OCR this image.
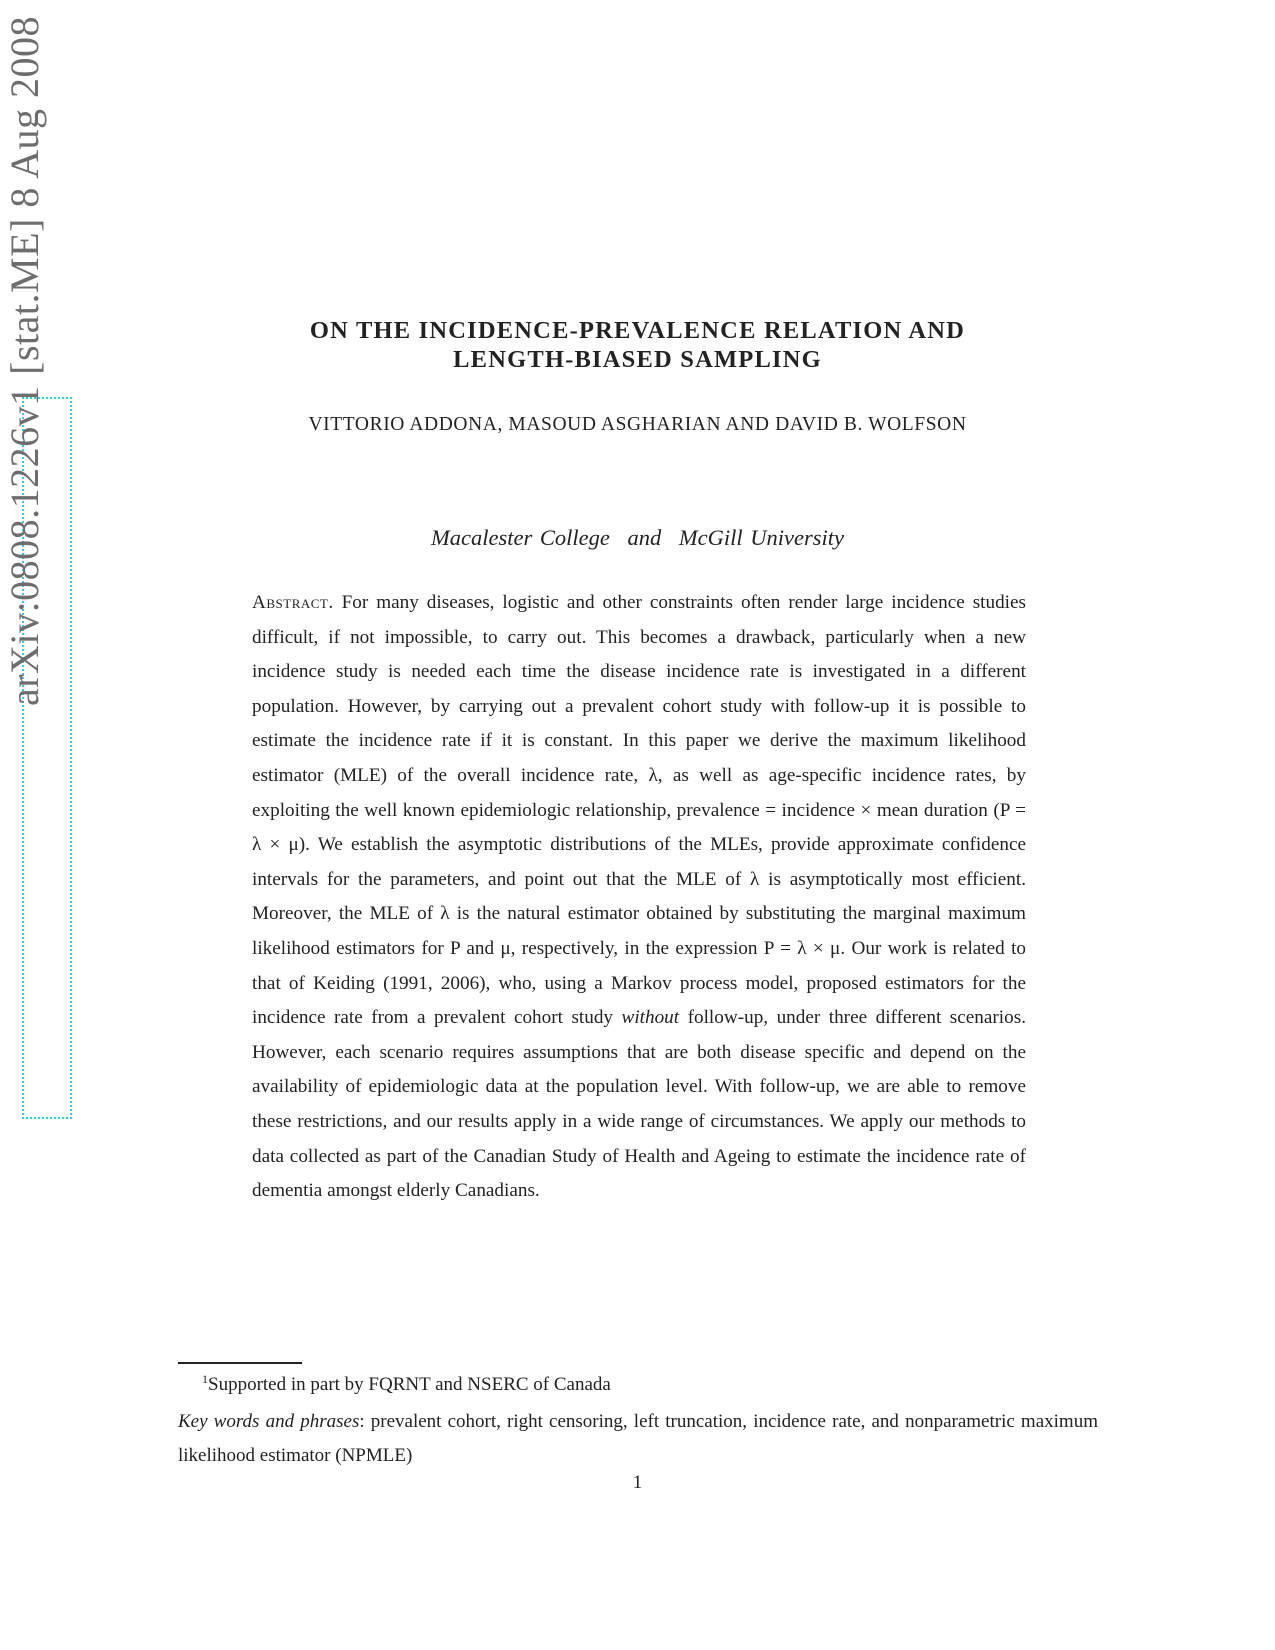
arXiv:0808.1226v1 [stat.ME] 8 Aug 2008	ON THE INCIDENCE-PREVALENCE RELATION AND
LENGTH-BIASED SAMPLING
VITTORIO ADDONA, MASOUD ASGHARIAN AND DAVID B. WOLFSON
Macalester College and McGill University
Abstract. For many diseases, logistic and other constraints often render large incidence studies difficult, if not impossible, to carry out. This becomes a drawback, particularly when a new incidence study is needed each time the disease incidence rate is investigated in a different population. However, by carrying out a prevalent cohort study with follow-up it is possible to estimate the incidence rate if it is constant. In this paper we derive the maximum likelihood estimator (MLE) of the overall incidence rate, λ, as well as age-specific incidence rates, by exploiting the well known epidemiologic relationship, prevalence = incidence × mean duration (P = λ × μ). We establish the asymptotic distributions of the MLEs, provide approximate confidence intervals for the parameters, and point out that the MLE of λ is asymptotically most efficient. Moreover, the MLE of λ is the natural estimator obtained by substituting the marginal maximum likelihood estimators for P and μ, respectively, in the expression P = λ × μ. Our work is related to that of Keiding (1991, 2006), who, using a Markov process model, proposed estimators for the incidence rate from a prevalent cohort study without follow-up, under three different scenarios. However, each scenario requires assumptions that are both disease specific and depend on the availability of epidemiologic data at the population level. With follow-up, we are able to remove these restrictions, and our results apply in a wide range of circumstances. We apply our methods to data collected as part of the Canadian Study of Health and Ageing to estimate the incidence rate of dementia amongst elderly Canadians.
$^1$Supported in part by FQRNT and NSERC of Canada
Key words and phrases: prevalent cohort, right censoring, left truncation, incidence rate, and nonparametric maximum likelihood estimator (NPMLE)
1
